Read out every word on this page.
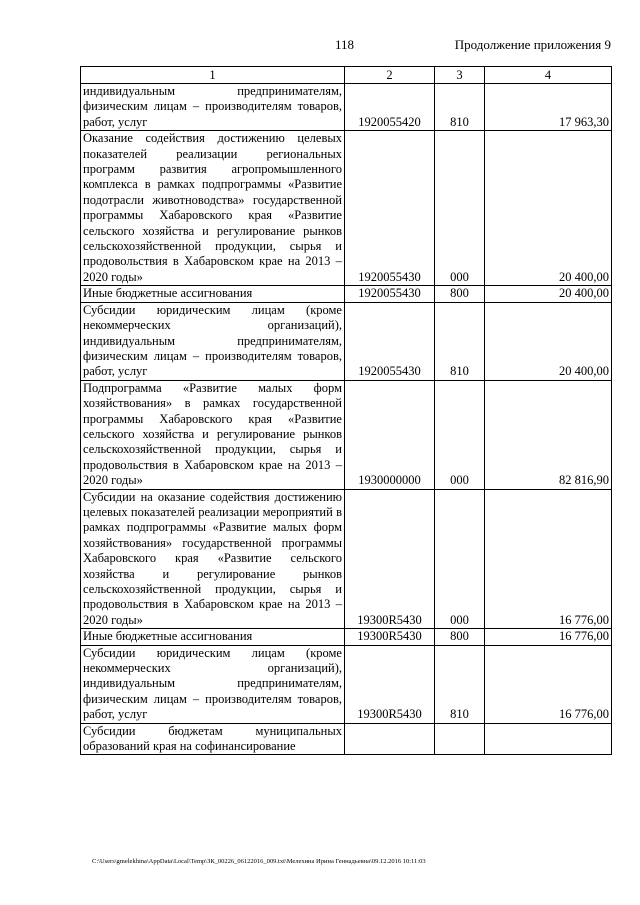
118	Продолжение приложения 9
1	2	3	4
индивидуальным предпринимателям, физическим лицам – производителям товаров, работ, услуг	1920055420	810	17 963,30
Оказание содействия достижению целевых показателей реализации региональных программ развития агропромышленного комплекса в рамках подпрограммы «Развитие подотрасли животноводства» государственной программы Хабаровского края «Развитие сельского хозяйства и регулирование рынков сельскохозяйственной продукции, сырья и продовольствия в Хабаровском крае на 2013 – 2020 годы»	1920055430	000	20 400,00
Иные бюджетные ассигнования	1920055430	800	20 400,00
Субсидии юридическим лицам (кроме некоммерческих организаций), индивидуальным предпринимателям, физическим лицам – производителям товаров, работ, услуг	1920055430	810	20 400,00
Подпрограмма «Развитие малых форм хозяйствования» в рамках государственной программы Хабаровского края «Развитие сельского хозяйства и регулирование рынков сельскохозяйственной продукции, сырья и продовольствия в Хабаровском крае на 2013 – 2020 годы»	1930000000	000	82 816,90
Субсидии на оказание содействия достижению целевых показателей реализации мероприятий в рамках подпрограммы «Развитие малых форм хозяйствования» государственной программы Хабаровского края «Развитие сельского хозяйства и регулирование рынков сельскохозяйственной продукции, сырья и продовольствия в Хабаровском крае на 2013 – 2020 годы»	19300R5430	000	16 776,00
Иные бюджетные ассигнования	19300R5430	800	16 776,00
Субсидии юридическим лицам (кроме некоммерческих организаций), индивидуальным предпринимателям, физическим лицам – производителям товаров, работ, услуг	19300R5430	810	16 776,00
Субсидии бюджетам муниципальных образований края на софинансирование			
C:\Users\gmelekhina\AppData\Local\Temp\ЗК_00226_06122016_009.txt\Мелехина Ирина Геннадьевна\09.12.2016 10:11:03
